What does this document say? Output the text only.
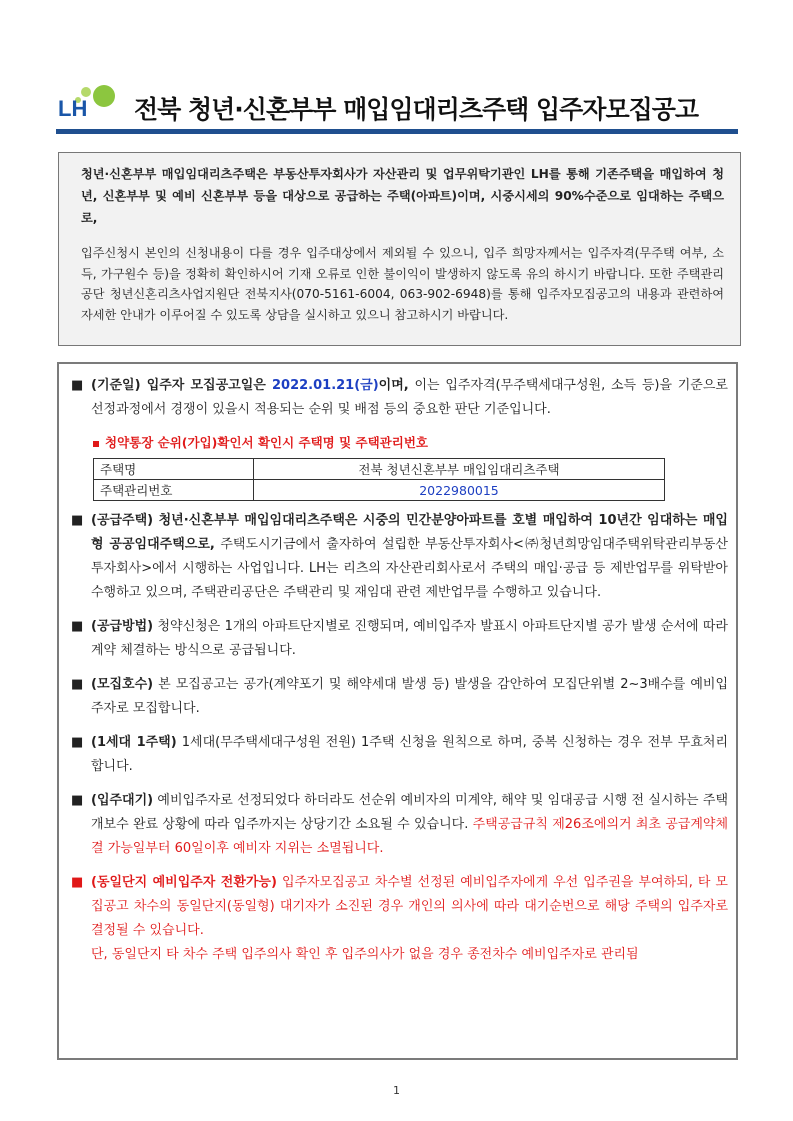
LH 전북 청년·신혼부부 매입임대리츠주택 입주자모집공고

청년·신혼부부 매입임대리츠주택은 부동산투자회사가 자산관리 및 업무위탁기관인 LH를 통해 기존주택을 매입하여 청년, 신혼부부 및 예비 신혼부부 등을 대상으로 공급하는 주택(아파트)이며, 시중시세의 90%수준으로 임대하는 주택으로,

입주신청시 본인의 신청내용이 다를 경우 입주대상에서 제외될 수 있으니, 입주 희망자께서는 입주자격(무주택 여부, 소득, 가구원수 등)을 정확히 확인하시어 기재 오류로 인한 불이익이 발생하지 않도록 유의 하시기 바랍니다. 또한 주택관리공단 청년신혼리츠사업지원단 전북지사(070-5161-6004, 063-902-6948)를 통해 입주자모집공고의 내용과 관련하여 자세한 안내가 이루어질 수 있도록 상담을 실시하고 있으니 참고하시기 바랍니다.

■ (기준일) 입주자 모집공고일은 2022.01.21(금)이며, 이는 입주자격(무주택세대구성원, 소득 등)을 기준으로 선정과정에서 경쟁이 있을시 적용되는 순위 및 배점 등의 중요한 판단 기준입니다.
청약통장 순위(가입)확인서 확인시 주택명 및 주택관리번호
주택명	전북 청년신혼부부 매입임대리츠주택
주택관리번호	2022980015
■ (공급주택) 청년·신혼부부 매입임대리츠주택은 시중의 민간분양아파트를 호별 매입하여 10년간 임대하는 매입형 공공임대주택으로, 주택도시기금에서 출자하여 설립한 부동산투자회사<㈜청년희망임대주택위탁관리부동산투자회사>에서 시행하는 사업입니다. LH는 리츠의 자산관리회사로서 주택의 매입·공급 등 제반업무를 위탁받아 수행하고 있으며, 주택관리공단은 주택관리 및 재임대 관련 제반업무를 수행하고 있습니다.
■ (공급방법) 청약신청은 1개의 아파트단지별로 진행되며, 예비입주자 발표시 아파트단지별 공가 발생 순서에 따라 계약 체결하는 방식으로 공급됩니다.
■ (모집호수) 본 모집공고는 공가(계약포기 및 해약세대 발생 등) 발생을 감안하여 모집단위별 2~3배수를 예비입주자로 모집합니다.
■ (1세대 1주택) 1세대(무주택세대구성원 전원) 1주택 신청을 원칙으로 하며, 중복 신청하는 경우 전부 무효처리합니다.
■ (입주대기) 예비입주자로 선정되었다 하더라도 선순위 예비자의 미계약, 해약 및 임대공급 시행 전 실시하는 주택 개보수 완료 상황에 따라 입주까지는 상당기간 소요될 수 있습니다. 주택공급규칙 제26조에의거 최초 공급계약체결 가능일부터 60일이후 예비자 지위는 소멸됩니다.
■ (동일단지 예비입주자 전환가능) 입주자모집공고 차수별 선정된 예비입주자에게 우선 입주권을 부여하되, 타 모집공고 차수의 동일단지(동일형) 대기자가 소진된 경우 개인의 의사에 따라 대기순번으로 해당 주택의 입주자로 결정될 수 있습니다.
단, 동일단지 타 차수 주택 입주의사 확인 후 입주의사가 없을 경우 종전차수 예비입주자로 관리됨
1
